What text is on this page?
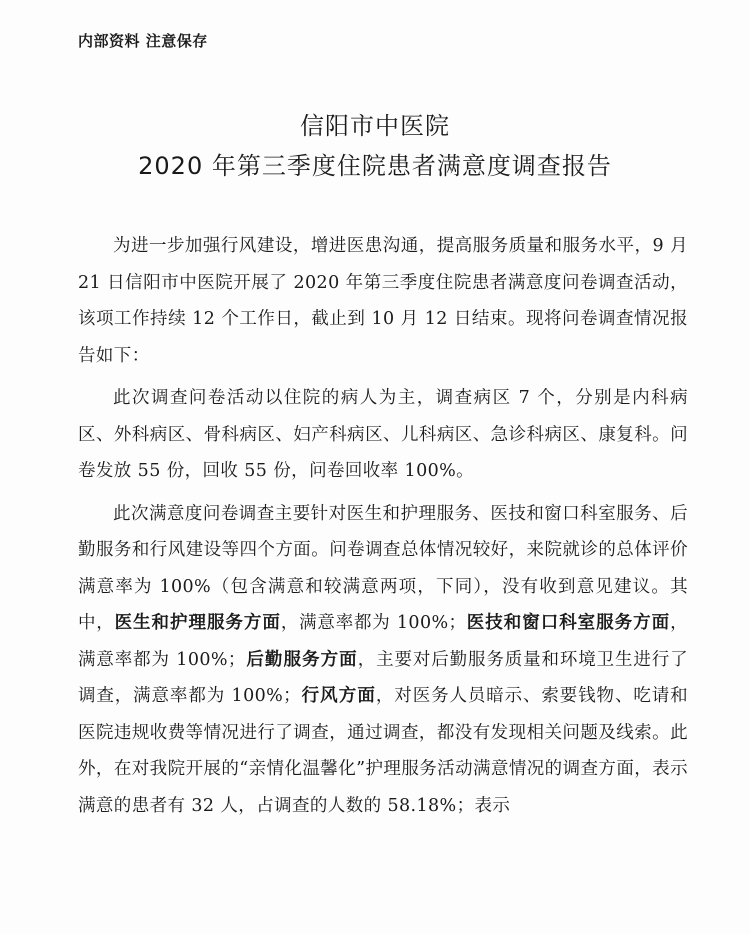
内部资料 注意保存
信阳市中医院
2020 年第三季度住院患者满意度调查报告

为进一步加强行风建设，增进医患沟通，提高服务质量和服务水平，9 月 21 日信阳市中医院开展了 2020 年第三季度住院患者满意度问卷调查活动，该项工作持续 12 个工作日，截止到 10 月 12 日结束。现将问卷调查情况报告如下：

此次调查问卷活动以住院的病人为主，调查病区 7 个，分别是内科病区、外科病区、骨科病区、妇产科病区、儿科病区、急诊科病区、康复科。问卷发放 55 份，回收 55 份，问卷回收率 100%。

此次满意度问卷调查主要针对医生和护理服务、医技和窗口科室服务、后勤服务和行风建设等四个方面。问卷调查总体情况较好，来院就诊的总体评价满意率为 100%（包含满意和较满意两项，下同），没有收到意见建议。其中，医生和护理服务方面，满意率都为 100%；医技和窗口科室服务方面，满意率都为 100%；后勤服务方面，主要对后勤服务质量和环境卫生进行了调查，满意率都为 100%；行风方面，对医务人员暗示、索要钱物、吃请和医院违规收费等情况进行了调查，通过调查，都没有发现相关问题及线索。此外，在对我院开展的“亲情化温馨化”护理服务活动满意情况的调查方面，表示满意的患者有 32 人，占调查的人数的 58.18%；表示
